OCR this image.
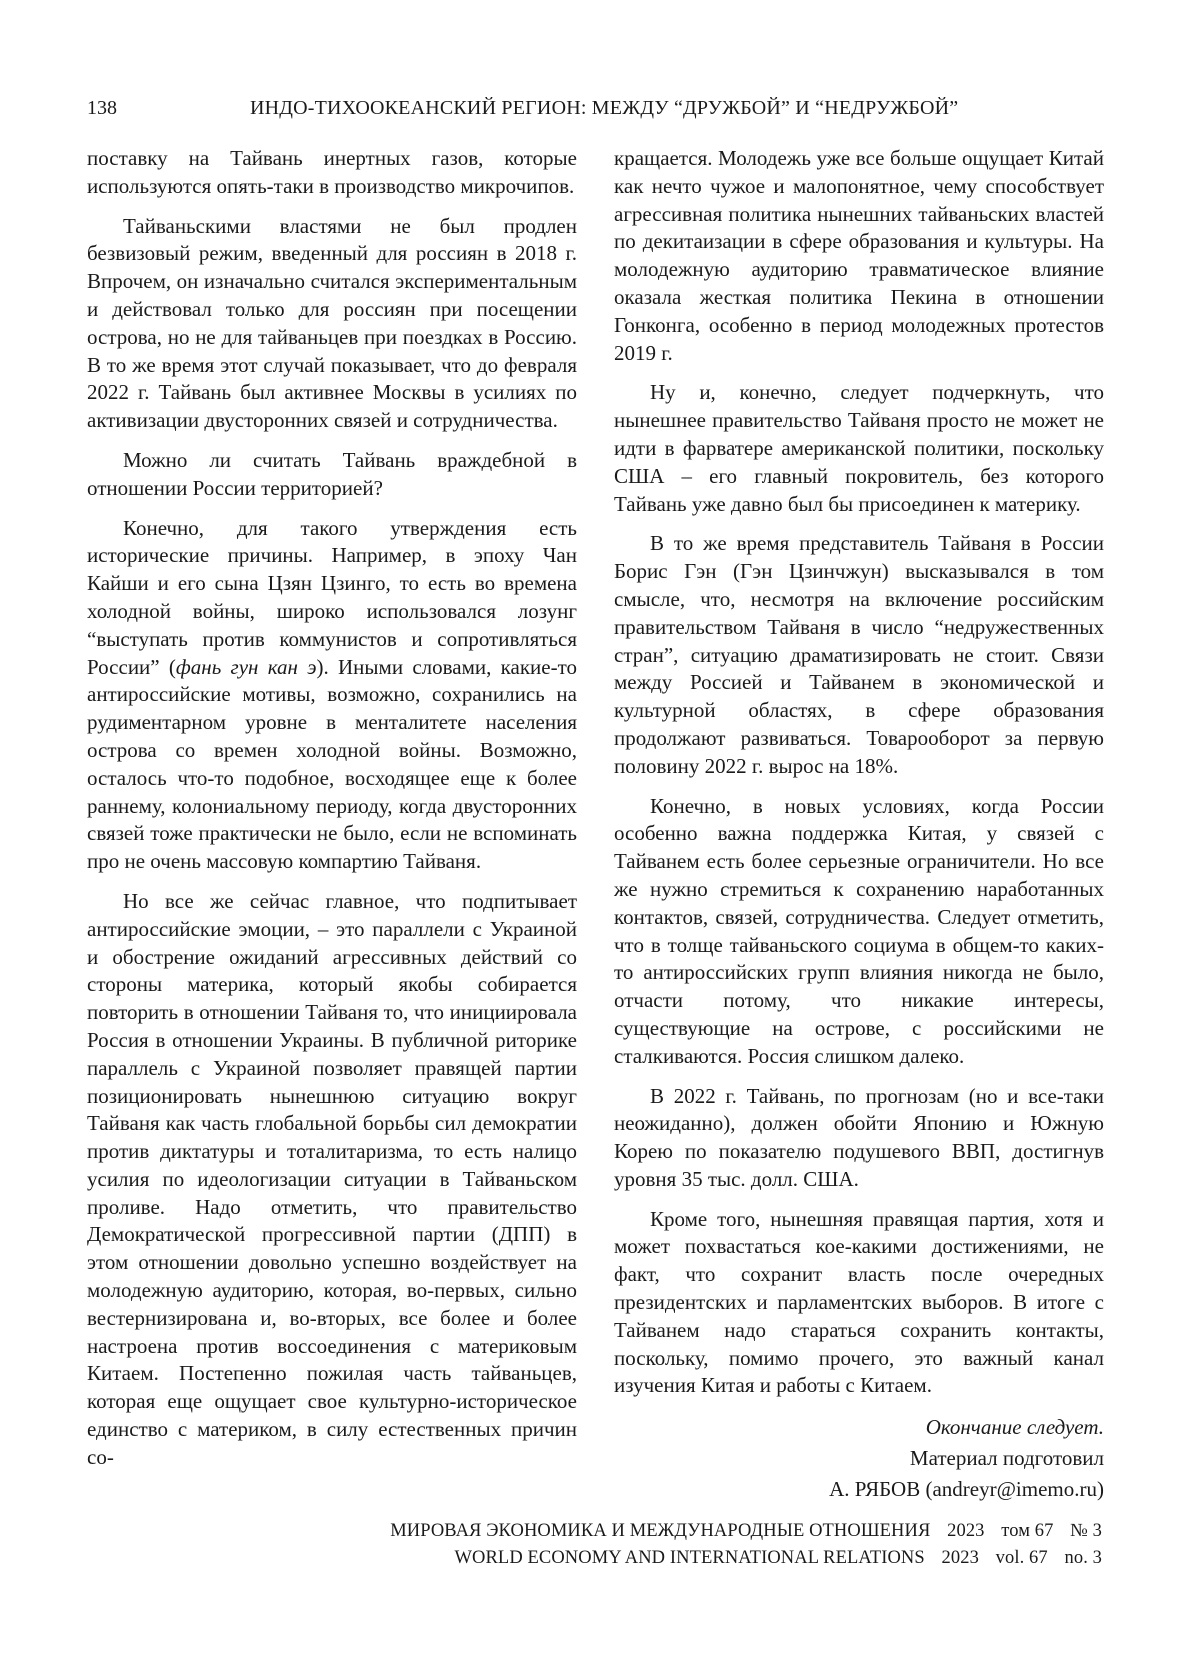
138	ИНДО-ТИХООКЕАНСКИЙ РЕГИОН: МЕЖДУ “ДРУЖБОЙ” И “НЕДРУЖБОЙ”

поставку на Тайвань инертных газов, которые используются опять-таки в производство микрочипов.

Тайваньскими властями не был продлен безвизовый режим, введенный для россиян в 2018 г. Впрочем, он изначально считался экспериментальным и действовал только для россиян при посещении острова, но не для тайваньцев при поездках в Россию. В то же время этот случай показывает, что до февраля 2022 г. Тайвань был активнее Москвы в усилиях по активизации двусторонних связей и сотрудничества.

Можно ли считать Тайвань враждебной в отношении России территорией?

Конечно, для такого утверждения есть исторические причины. Например, в эпоху Чан Кайши и его сына Цзян Цзинго, то есть во времена холодной войны, широко использовался лозунг “выступать против коммунистов и сопротивляться России” (фань гун кан э). Иными словами, какие-то антироссийские мотивы, возможно, сохранились на рудиментарном уровне в менталитете населения острова со времен холодной войны. Возможно, осталось что-то подобное, восходящее еще к более раннему, колониальному периоду, когда двусторонних связей тоже практически не было, если не вспоминать про не очень массовую компартию Тайваня.

Но все же сейчас главное, что подпитывает антироссийские эмоции, – это параллели с Украиной и обострение ожиданий агрессивных действий со стороны материка, который якобы собирается повторить в отношении Тайваня то, что инициировала Россия в отношении Украины. В публичной риторике параллель с Украиной позволяет правящей партии позиционировать нынешнюю ситуацию вокруг Тайваня как часть глобальной борьбы сил демократии против диктатуры и тоталитаризма, то есть налицо усилия по идеологизации ситуации в Тайваньском проливе. Надо отметить, что правительство Демократической прогрессивной партии (ДПП) в этом отношении довольно успешно воздействует на молодежную аудиторию, которая, во-первых, сильно вестернизирована и, во-вторых, все более и более настроена против воссоединения с материковым Китаем. Постепенно пожилая часть тайваньцев, которая еще ощущает свое культурно-историческое единство с материком, в силу естественных причин со-

кращается. Молодежь уже все больше ощущает Китай как нечто чужое и малопонятное, чему способствует агрессивная политика нынешних тайваньских властей по декитаизации в сфере образования и культуры. На молодежную аудиторию травматическое влияние оказала жесткая политика Пекина в отношении Гонконга, особенно в период молодежных протестов 2019 г.

Ну и, конечно, следует подчеркнуть, что нынешнее правительство Тайваня просто не может не идти в фарватере американской политики, поскольку США – его главный покровитель, без которого Тайвань уже давно был бы присоединен к материку.

В то же время представитель Тайваня в России Борис Гэн (Гэн Цзинчжун) высказывался в том смысле, что, несмотря на включение российским правительством Тайваня в число “недружественных стран”, ситуацию драматизировать не стоит. Связи между Россией и Тайванем в экономической и культурной областях, в сфере образования продолжают развиваться. Товарооборот за первую половину 2022 г. вырос на 18%.

Конечно, в новых условиях, когда России особенно важна поддержка Китая, у связей с Тайванем есть более серьезные ограничители. Но все же нужно стремиться к сохранению наработанных контактов, связей, сотрудничества. Следует отметить, что в толще тайваньского социума в общем-то каких-то антироссийских групп влияния никогда не было, отчасти потому, что никакие интересы, существующие на острове, с российскими не сталкиваются. Россия слишком далеко.

В 2022 г. Тайвань, по прогнозам (но и все-таки неожиданно), должен обойти Японию и Южную Корею по показателю подушевого ВВП, достигнув уровня 35 тыс. долл. США.

Кроме того, нынешняя правящая партия, хотя и может похвастаться кое-какими достижениями, не факт, что сохранит власть после очередных президентских и парламентских выборов. В итоге с Тайванем надо стараться сохранить контакты, поскольку, помимо прочего, это важный канал изучения Китая и работы с Китаем.

Окончание следует.
Материал подготовил
А. РЯБОВ (andreyr@imemo.ru)
МИРОВАЯ ЭКОНОМИКА И МЕЖДУНАРОДНЫЕ ОТНОШЕНИЯ 2023 том 67 № 3
WORLD ECONOMY AND INTERNATIONAL RELATIONS 2023 vol. 67 no. 3
